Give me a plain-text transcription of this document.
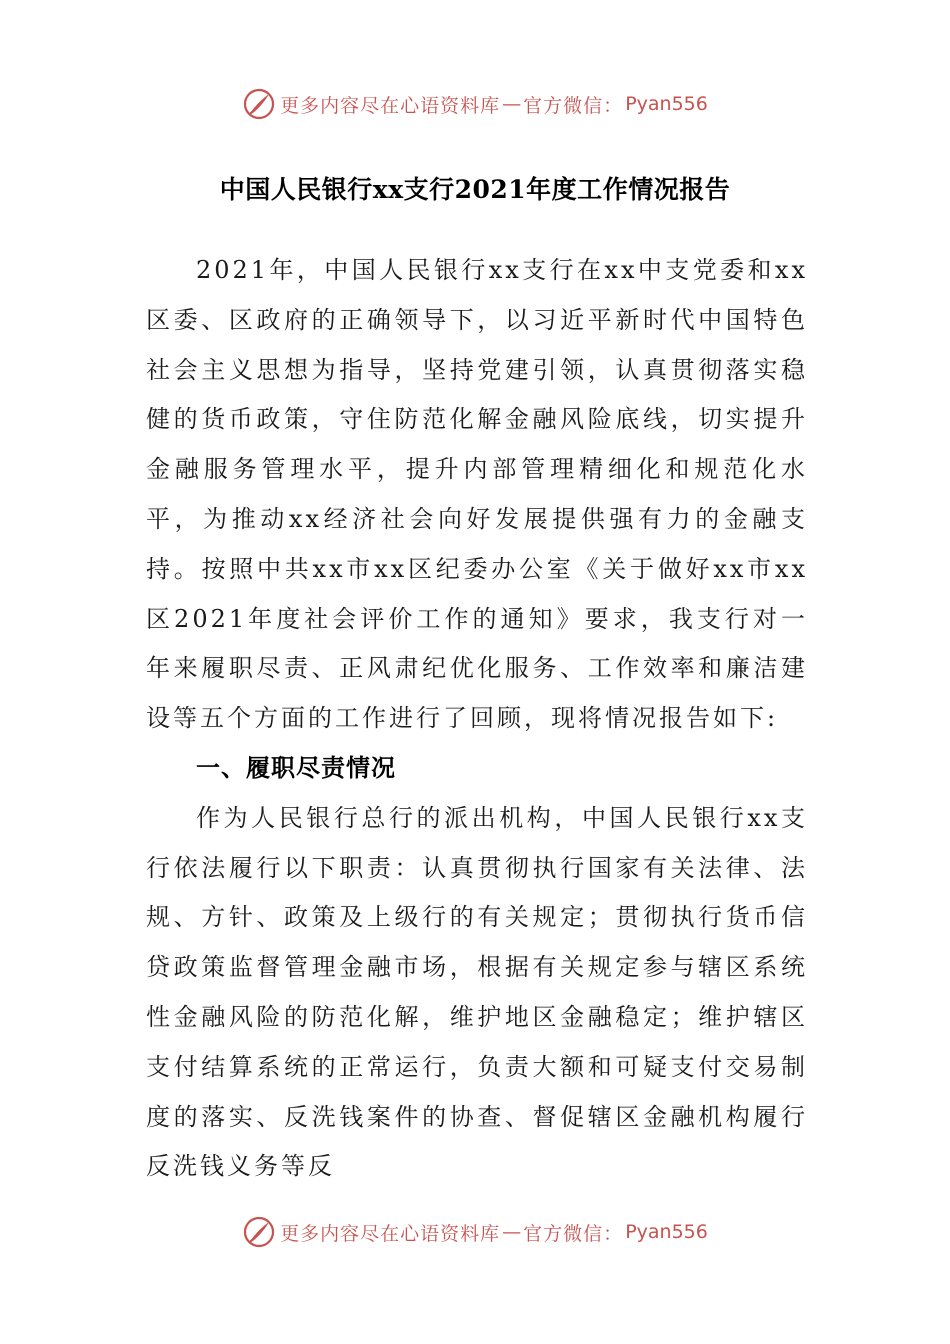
更多内容尽在心语资料库 — 官方微信： Pyan556
中国人民银行xx支行2021年度工作情况报告

2021年，中国人民银行xx支行在xx中支党委和xx区委、区政府的正确领导下，以习近平新时代中国特色社会主义思想为指导，坚持党建引领，认真贯彻落实稳健的货币政策，守住防范化解金融风险底线，切实提升金融服务管理水平，提升内部管理精细化和规范化水平，为推动xx经济社会向好发展提供强有力的金融支持。按照中共xx市xx区纪委办公室《关于做好xx市xx区2021年度社会评价工作的通知》要求，我支行对一年来履职尽责、正风肃纪优化服务、工作效率和廉洁建设等五个方面的工作进行了回顾，现将情况报告如下:

一、履职尽责情况

作为人民银行总行的派出机构，中国人民银行xx支行依法履行以下职责：认真贯彻执行国家有关法律、法规、方针、政策及上级行的有关规定；贯彻执行货币信贷政策监督管理金融市场，根据有关规定参与辖区系统性金融风险的防范化解，维护地区金融稳定；维护辖区支付结算系统的正常运行，负责大额和可疑支付交易制度的落实、反洗钱案件的协查、督促辖区金融机构履行反洗钱义务等反

更多内容尽在心语资料库 — 官方微信： Pyan556
